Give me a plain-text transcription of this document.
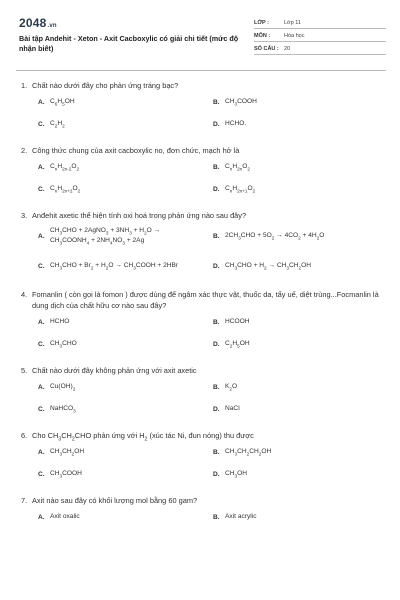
2048.vn
Bài tập Andehit - Xeton - Axit Cacboxylic có giải chi tiết (mức độ nhận biết)
LỚP :	Lớp 11
MÔN :	Hóa học
SỐ CÂU : 20
1. Chất nào dưới đây cho phản ứng tráng bạc?
A. $C_6H_5OH$	B. $CH_3COOH$
C. $C_2H_2$	D. HCHO.
2. Công thức chung của axit cacboxylic no, đơn chức, mạch hở là
A. $C_nH_{2n-2}O_2$	B. $C_nH_{2n}O_2$
C. $C_nH_{2n+2}O_2$	D. $C_nH_{2n+1}O_2$
3. Anđehit axetic thể hiện tính oxi hoá trong phản ứng nào sau đây?
A.
$CH_3CHO$ + 2AgNO$_3$ + $3NH_3 + H_2O$ →
$CH_3COONH_4 + 2NH_4NO_3 + 2Ag$
B. $2CH_3CHO + 5O_2 \to 4CO_2 + 4H_2O$
C. $CH_3CHO + Br_2 + H_2O$ → $CH_3COOH + 2HBr$	D. $CH_3CHO + H_2 \to CH_3CH_2OH$
4. Fomanlin ( còn gọi là fomon ) được dùng để ngâm xác thực vật, thuốc da, tẩy uế, diệt trùng...Focmanlin là dung dịch của chất hữu cơ nào sau đây?
A. HCHO	B. HCOOH
C. $CH_3CHO$	D. $C_2H_5OH$
5. Chất nào dưới đây không phản ứng với axit axetic
A. $Cu(OH)_2$	B. $K_2O$
C. NaHCO$_3$	D. NaCl
6. Cho $CH_3CH_2CHO$ phản ứng với $H_2$ (xúc tác Ni, đun nóng) thu được
A. $CH_3CH_2OH$	B. $CH_3CH_2CH_2OH$
C. $CH_3COOH$	D. $CH_3OH$
7. Axit nào sau đây có khối lượng mol bằng 60 gam?
A. Axit oxalic	B. Axit acrylic
